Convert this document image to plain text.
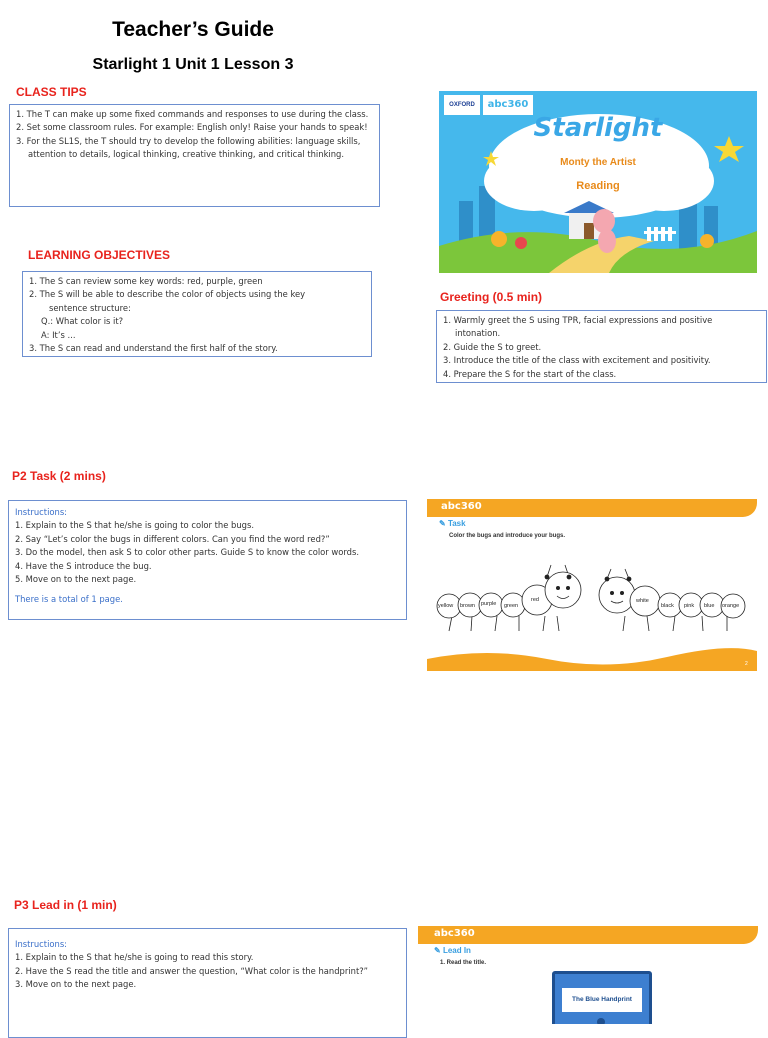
Teacher’s Guide
Starlight 1 Unit 1 Lesson 3
CLASS TIPS

1. The T can make up some fixed commands and responses to use during the class.

2. Set some classroom rules. For example: English only! Raise your hands to speak!

3. For the SL1S, the T should try to develop the following abilities: language skills, attention to details, logical thinking, creative thinking, and critical thinking.

LEARNING OBJECTIVES

1. The S can review some key words: red, purple, green

2. The S will be able to describe the color of objects using the key

sentence structure:

Q.: What color is it?

A: It’s ...

3. The S can read and understand the first half of the story.

OXFORD	abc360
Starlight
Monty the Artist
Reading
Greeting (0.5 min)

1. Warmly greet the S using TPR, facial expressions and positive intonation.

2. Guide the S to greet.

3. Introduce the title of the class with excitement and positivity.

4. Prepare the S for the start of the class.

P2 Task (2 mins)

Instructions:

1. Explain to the S that he/she is going to color the bugs.

2. Say “Let’s color the bugs in different colors. Can you find the word red?”

3. Do the model, then ask S to color other parts. Guide S to know the color words.

4. Have the S introduce the bug.

5. Move on to the next page.

There is a total of 1 page.

abc360
✎ Task
Color the bugs and introduce your bugs.
yellow brown purple green
red	white
black pink blue orange
2
P3 Lead in (1 min)

Instructions:

1. Explain to the S that he/she is going to read this story.

2. Have the S read the title and answer the question, “What color is the handprint?”

3. Move on to the next page.

abc360
✎ Lead In
1. Read the title.
The Blue Handprint
